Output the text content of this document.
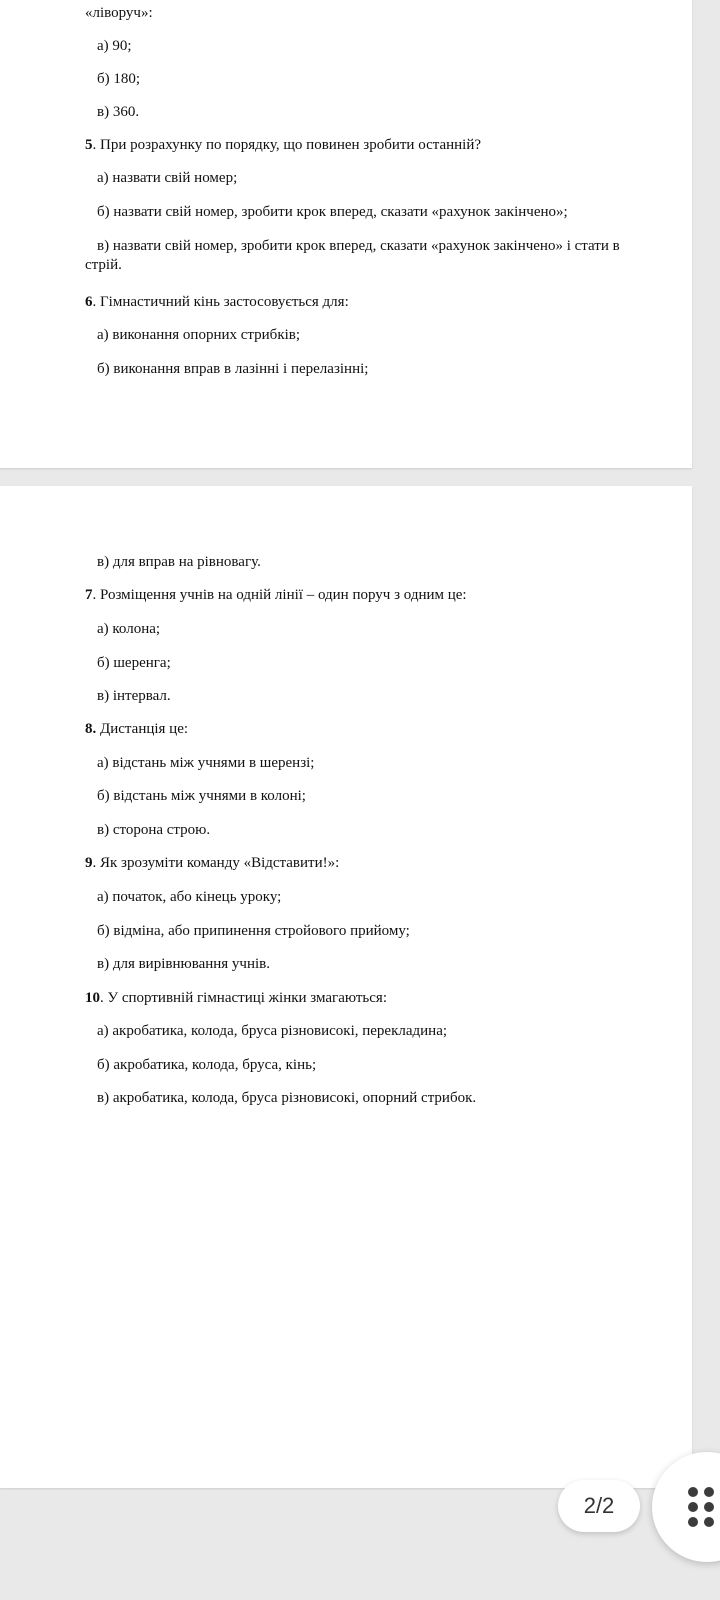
«ліворуч»:
а) 90;
б) 180;
в) 360.
5. При розрахунку по порядку, що повинен зробити останній?
а) назвати свій номер;
б) назвати свій номер, зробити крок вперед, сказати «рахунок закінчено»;
в) назвати свій номер, зробити крок вперед, сказати «рахунок закінчено» і стати в стрій.
6. Гімнастичний кінь застосовується для:
а) виконання опорних стрибків;
б) виконання вправ в лазінні і перелазінні;
в) для вправ на рівновагу.
7. Розміщення учнів на одній лінії – один поруч з одним це:
а) колона;
б) шеренга;
в) інтервал.
8. Дистанція це:
а) відстань між учнями в шерензі;
б) відстань між учнями в колоні;
в) сторона строю.
9. Як зрозуміти команду «Відставити!»:
а) початок, або кінець уроку;
б) відміна, або припинення стройового прийому;
в) для вирівнювання учнів.
10. У спортивній гімнастиці жінки змагаються:
а) акробатика, колода, бруса різновисокі, перекладина;
б) акробатика, колода, бруса, кінь;
в) акробатика, колода, бруса різновисокі, опорний стрибок.
2/2
